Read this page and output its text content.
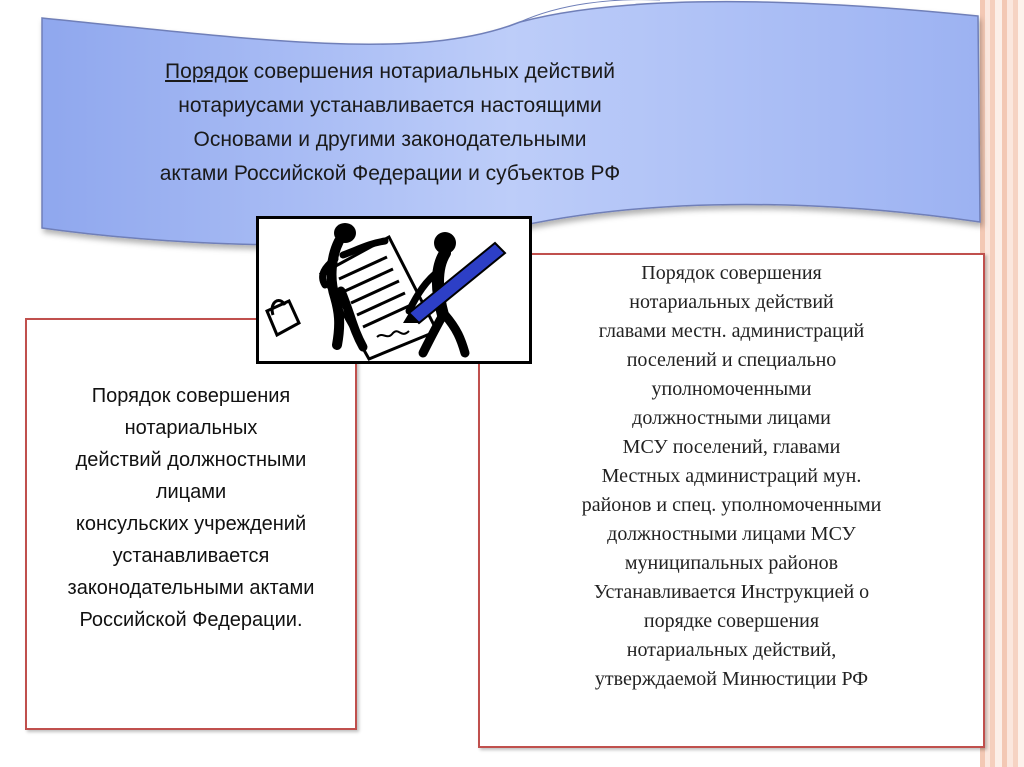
Порядок совершения нотариальных действий
нотариусами устанавливается настоящими
Основами и другими законодательными
актами Российской Федерации и субъектов РФ
Порядок совершения
нотариальных
действий должностными
лицами
консульских учреждений
устанавливается
законодательными актами
Российской Федерации.
Порядок совершения
нотариальных действий
главами местн. администраций
поселений и специально
уполномоченными
должностными лицами
МСУ поселений, главами
Местных администраций мун.
районов и спец. уполномоченными
должностными лицами МСУ
муниципальных районов
Устанавливается Инструкцией о
порядке совершения
нотариальных действий,
утверждаемой Минюстиции РФ
